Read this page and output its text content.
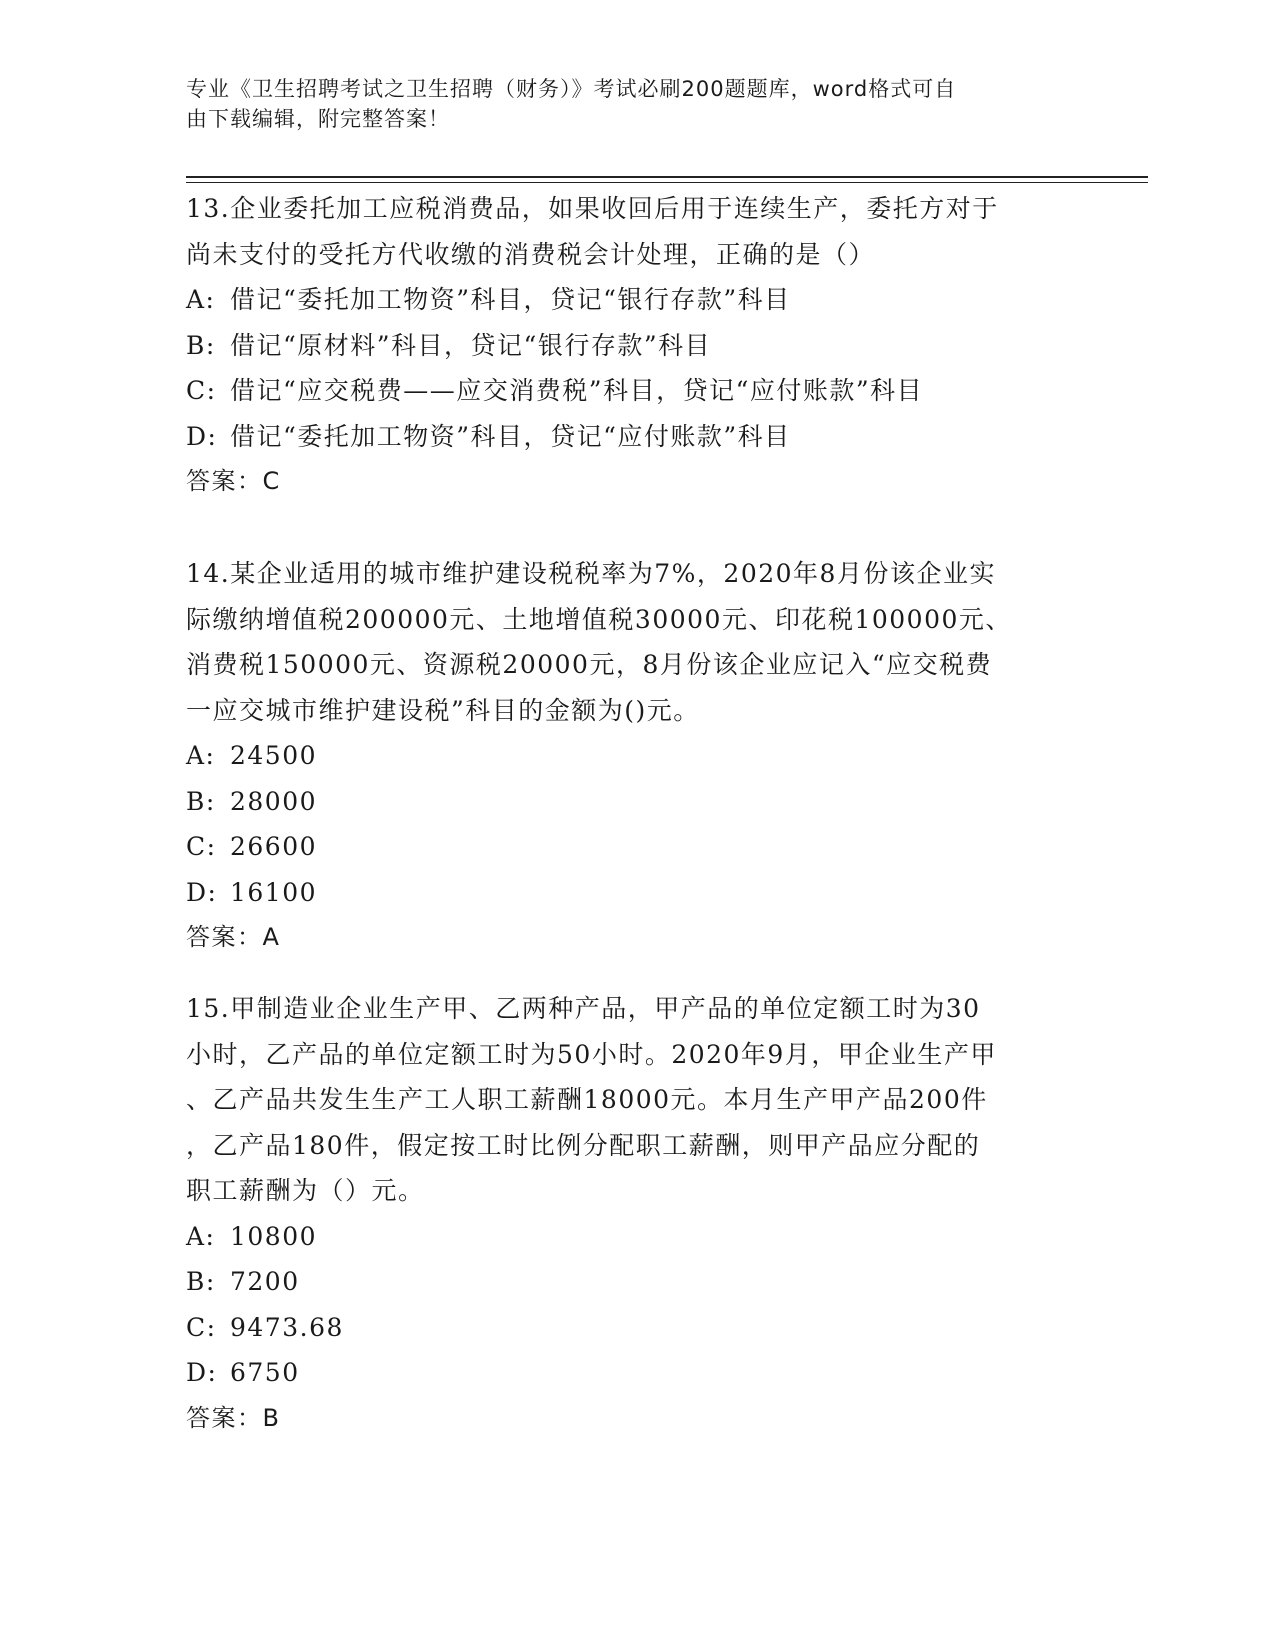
专业《卫生招聘考试之卫生招聘（财务）》考试必刷200题题库，word格式可自
由下载编辑，附完整答案！
13.企业委托加工应税消费品，如果收回后用于连续生产，委托方对于
尚未支付的受托方代收缴的消费税会计处理，正确的是（）
A: 借记“委托加工物资”科目，贷记“银行存款”科目
B: 借记“原材料”科目，贷记“银行存款”科目
C: 借记“应交税费——应交消费税”科目，贷记“应付账款”科目
D: 借记“委托加工物资”科目，贷记“应付账款”科目
答案：C
14.某企业适用的城市维护建设税税率为7%，2020年8月份该企业实
际缴纳增值税200000元、土地增值税30000元、印花税100000元、
消费税150000元、资源税20000元，8月份该企业应记入“应交税费
一应交城市维护建设税”科目的金额为()元。
A: 24500
B: 28000
C: 26600
D: 16100
答案：A
15.甲制造业企业生产甲、乙两种产品，甲产品的单位定额工时为30
小时，乙产品的单位定额工时为50小时。2020年9月，甲企业生产甲
、乙产品共发生生产工人职工薪酬18000元。本月生产甲产品200件
，乙产品180件，假定按工时比例分配职工薪酬，则甲产品应分配的
职工薪酬为（）元。
A: 10800
B: 7200
C: 9473.68
D: 6750
答案：B
